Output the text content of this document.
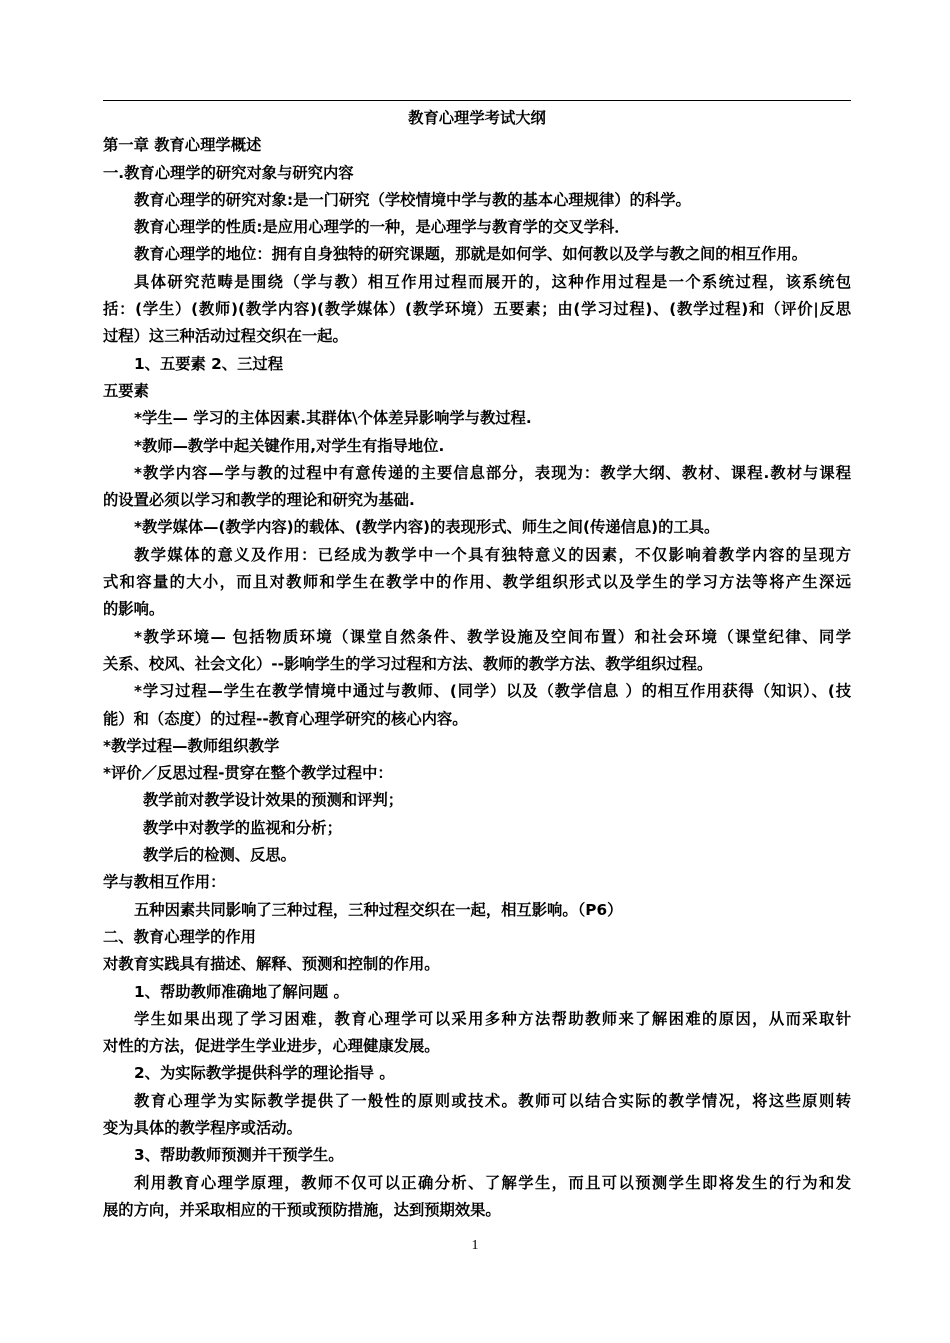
教育心理学考试大纲
第一章 教育心理学概述
一.教育心理学的研究对象与研究内容
教育心理学的研究对象:是一门研究（学校情境中学与教的基本心理规律）的科学。
教育心理学的性质:是应用心理学的一种，是心理学与教育学的交叉学科．
教育心理学的地位：拥有自身独特的研究课题，那就是如何学、如何教以及学与教之间的相互作用。
具体研究范畴是围绕（学与教）相互作用过程而展开的，这种作用过程是一个系统过程，该系统包
括：(学生）(教师)(教学内容)(教学媒体）(教学环境）五要素；由(学习过程)、(教学过程)和（评价|反思
过程）这三种活动过程交织在一起。
1、五要素 2、三过程
五要素
*学生— 学习的主体因素.其群体\个体差异影响学与教过程.
*教师—教学中起关键作用,对学生有指导地位.
*教学内容—学与教的过程中有意传递的主要信息部分，表现为：教学大纲、教材、课程.教材与课程
的设置必须以学习和教学的理论和研究为基础.
*教学媒体—(教学内容)的载体、(教学内容)的表现形式、师生之间(传递信息)的工具。
教学媒体的意义及作用：已经成为教学中一个具有独特意义的因素，不仅影响着教学内容的呈现方
式和容量的大小，而且对教师和学生在教学中的作用、教学组织形式以及学生的学习方法等将产生深远
的影响。
*教学环境— 包括物质环境（课堂自然条件、教学设施及空间布置）和社会环境（课堂纪律、同学
关系、校风、社会文化）--影响学生的学习过程和方法、教师的教学方法、教学组织过程。
*学习过程—学生在教学情境中通过与教师、(同学）以及（教学信息 ）的相互作用获得（知识）、(技
能）和（态度）的过程--教育心理学研究的核心内容。
*教学过程—教师组织教学
*评价／反思过程-贯穿在整个教学过程中：
教学前对教学设计效果的预测和评判；
教学中对教学的监视和分析；
教学后的检测、反思。
学与教相互作用：
五种因素共同影响了三种过程，三种过程交织在一起，相互影响。（P6）
二、教育心理学的作用
对教育实践具有描述、解释、预测和控制的作用。
1、帮助教师准确地了解问题 。
学生如果出现了学习困难，教育心理学可以采用多种方法帮助教师来了解困难的原因，从而采取针
对性的方法，促进学生学业进步，心理健康发展。
2、为实际教学提供科学的理论指导 。
教育心理学为实际教学提供了一般性的原则或技术。教师可以结合实际的教学情况，将这些原则转
变为具体的教学程序或活动。
3、帮助教师预测并干预学生。
利用教育心理学原理，教师不仅可以正确分析、了解学生，而且可以预测学生即将发生的行为和发
展的方向，并采取相应的干预或预防措施，达到预期效果。
1
